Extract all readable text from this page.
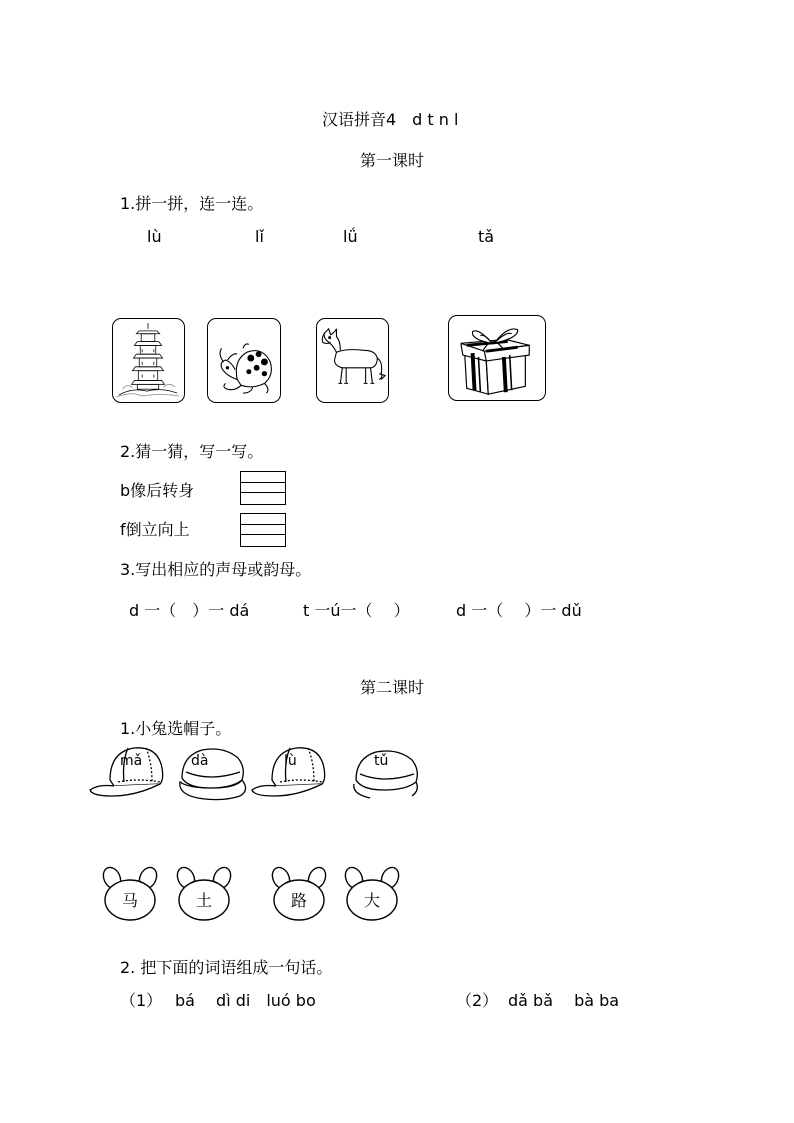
汉语拼音4　d t n l
第一课时
1.拼一拼，连一连。
lù	lǐ	lǘ	tǎ
2.猜一猜，写一写。
b像后转身
f倒立向上
3.写出相应的声母或韵母。
d 一（　）一 dá	t 一ú一（　 ）	d 一（　 ）一 dǔ
第二课时
1.小兔选帽子。
mǎ	dà	lù	tǔ
马	土	路	大
2. 把下面的词语组成一句话。
（1） bá　 dì di　luó bo	（2） dǎ bǎ　 bà ba
